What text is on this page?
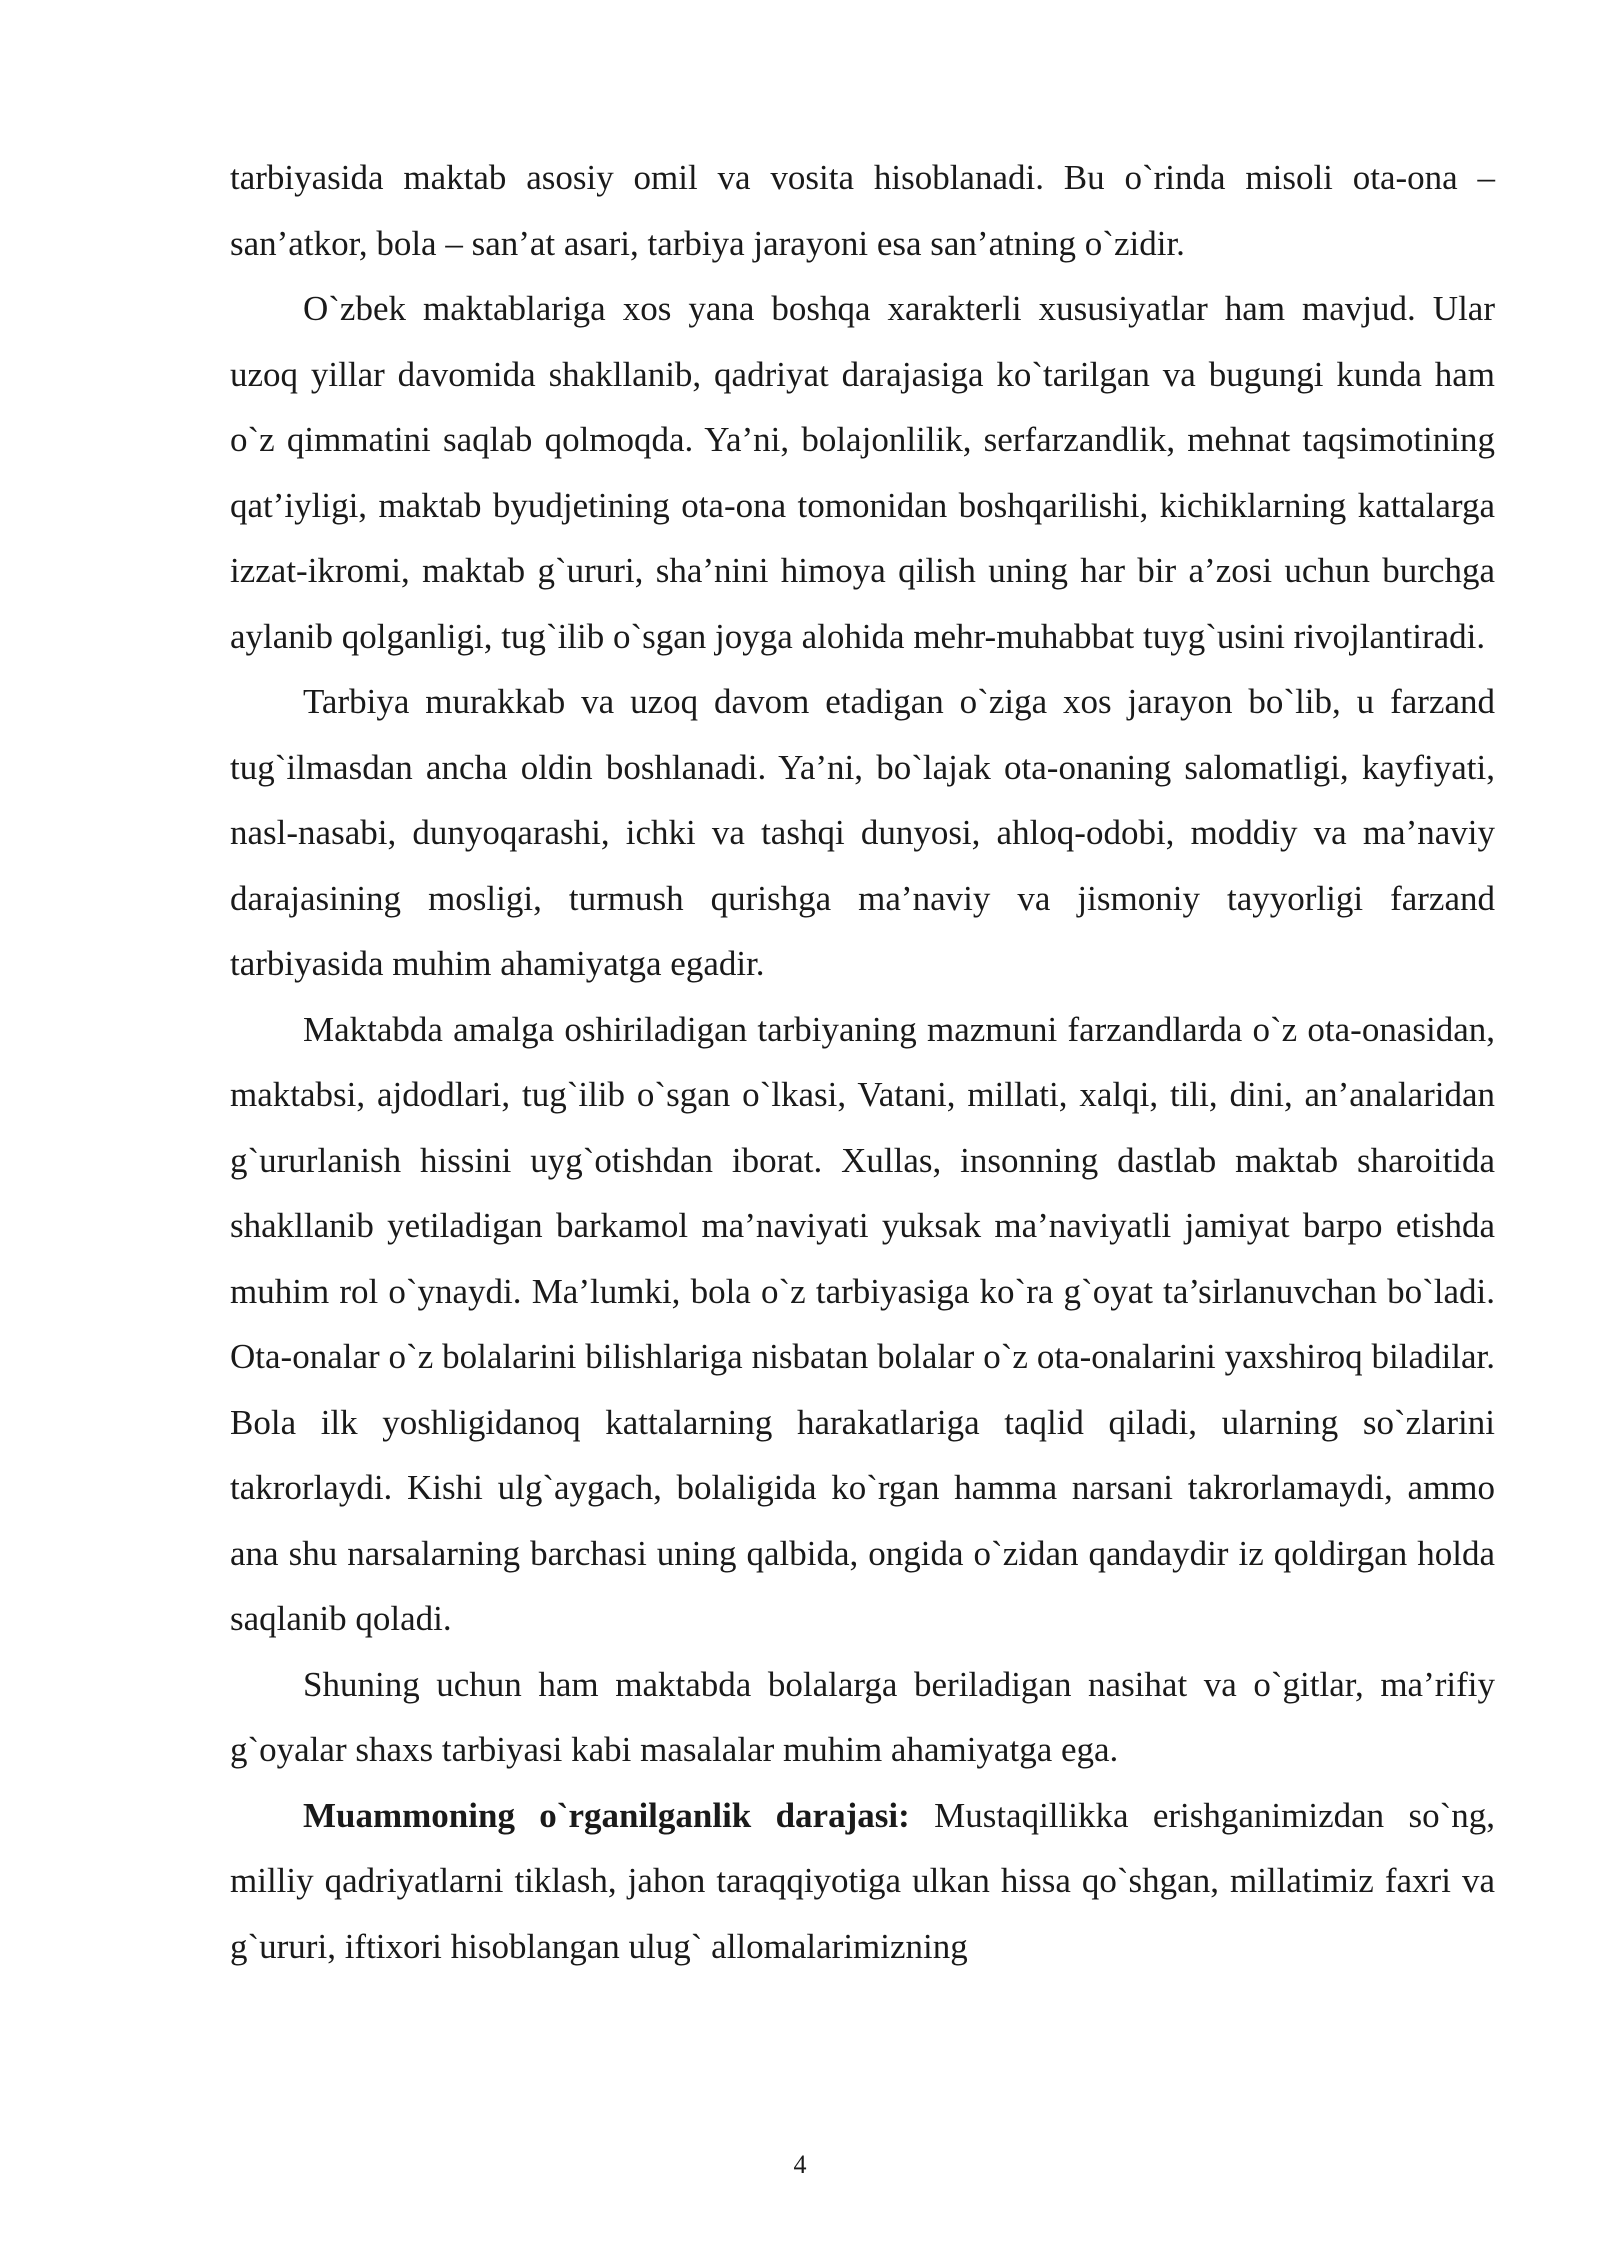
tarbiyasida maktab asosiy omil va vosita hisoblanadi. Bu o`rinda misoli ota-ona – san’atkor, bola – san’at asari, tarbiya jarayoni esa san’atning o`zidir.

O`zbek maktablariga xos yana boshqa xarakterli xususiyatlar ham mavjud. Ular uzoq yillar davomida shakllanib, qadriyat darajasiga ko`tarilgan va bugungi kunda ham o`z qimmatini saqlab qolmoqda. Ya’ni, bolajonlilik, serfarzandlik, mehnat taqsimotining qat’iyligi, maktab byudjetining ota-ona tomonidan boshqarilishi, kichiklarning kattalarga izzat-ikromi, maktab g`ururi, sha’nini himoya qilish uning har bir a’zosi uchun burchga aylanib qolganligi, tug`ilib o`sgan joyga alohida mehr-muhabbat tuyg`usini rivojlantiradi.

Tarbiya murakkab va uzoq davom etadigan o`ziga xos jarayon bo`lib, u farzand tug`ilmasdan ancha oldin boshlanadi. Ya’ni, bo`lajak ota-onaning salomatligi, kayfiyati, nasl-nasabi, dunyoqarashi, ichki va tashqi dunyosi, ahloq-odobi, moddiy va ma’naviy darajasining mosligi, turmush qurishga ma’naviy va jismoniy tayyorligi farzand tarbiyasida muhim ahamiyatga egadir.

Maktabda amalga oshiriladigan tarbiyaning mazmuni farzandlarda o`z ota-onasidan, maktabsi, ajdodlari, tug`ilib o`sgan o`lkasi, Vatani, millati, xalqi, tili, dini, an’analaridan g`ururlanish hissini uyg`otishdan iborat. Xullas, insonning dastlab maktab sharoitida shakllanib yetiladigan barkamol ma’naviyati yuksak ma’naviyatli jamiyat barpo etishda muhim rol o`ynaydi. Ma’lumki, bola o`z tarbiyasiga ko`ra g`oyat ta’sirlanuvchan bo`ladi. Ota-onalar o`z bolalarini bilishlariga nisbatan bolalar o`z ota-onalarini yaxshiroq biladilar. Bola ilk yoshligidanoq kattalarning harakatlariga taqlid qiladi, ularning so`zlarini takrorlaydi. Kishi ulg`aygach, bolaligida ko`rgan hamma narsani takrorlamaydi, ammo ana shu narsalarning barchasi uning qalbida, ongida o`zidan qandaydir iz qoldirgan holda saqlanib qoladi.

Shuning uchun ham maktabda bolalarga beriladigan nasihat va o`gitlar, ma’rifiy g`oyalar shaxs tarbiyasi kabi masalalar muhim ahamiyatga ega.

Muammoning o`rganilganlik darajasi: Mustaqillikka erishganimizdan so`ng, milliy qadriyatlarni tiklash, jahon taraqqiyotiga ulkan hissa qo`shgan, millatimiz faxri va g`ururi, iftixori hisoblangan ulug` allomalarimizning

4
